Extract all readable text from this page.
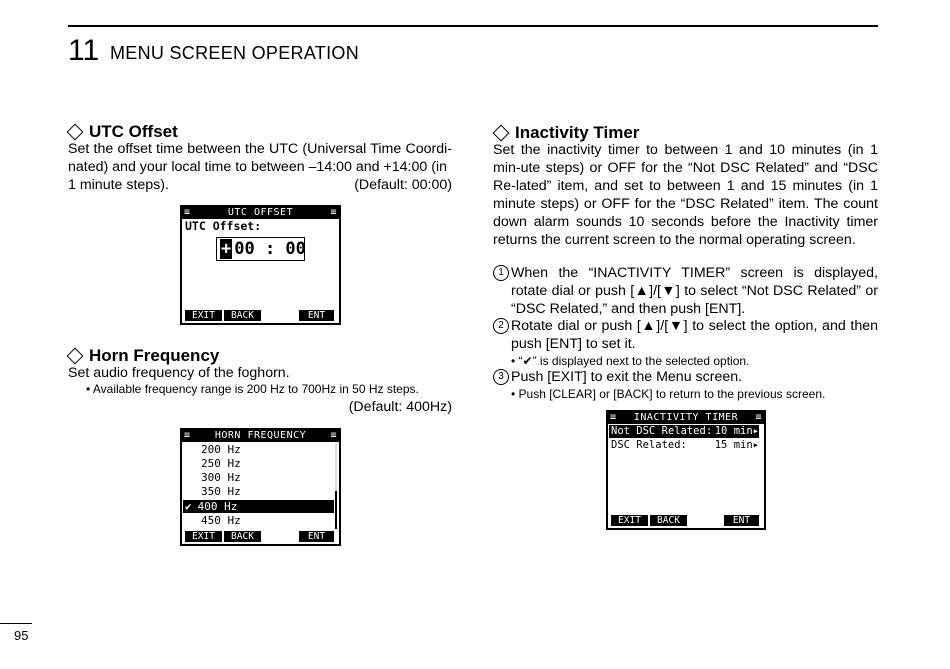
11 MENU SCREEN OPERATION
UTC Offset
Set the offset time between the UTC (Universal Time Coordi-nated) and your local time to between –14:00 and +14:00 (in
1 minute steps).	(Default: 00:00)
≡	UTC OFFSET	≡
UTC Offset:
+ 00 : 00
EXIT	BACK	ENT
Horn Frequency
Set audio frequency of the foghorn.
• Available frequency range is 200 Hz to 700Hz in 50 Hz steps.
(Default: 400Hz)
≡ HORN FREQUENCY ≡
200 Hz
250 Hz
300 Hz
350 Hz
✔ 400 Hz
450 Hz
EXIT	BACK	ENT
Inactivity Timer
Set the inactivity timer to between 1 and 10 minutes (in 1 min-ute steps) or OFF for the “Not DSC Related” and “DSC Re-lated” item, and set to between 1 and 15 minutes (in 1 minute steps) or OFF for the “DSC Related” item. The count down alarm sounds 10 seconds before the Inactivity timer returns the current screen to the normal operating screen.
1 When the “INACTIVITY TIMER” screen is displayed, rotate dial or push [▲]/[▼] to select “Not DSC Related” or “DSC Related,” and then push [ENT].
2 Rotate dial or push [▲]/[▼] to select the option, and then push [ENT] to set it.
• “✔” is displayed next to the selected option.
3 Push [EXIT] to exit the Menu screen.
• Push [CLEAR] or [BACK] to return to the previous screen.
≡ INACTIVITY TIMER ≡
Not DSC Related: 10 min▸
DSC Related:	15 min▸
EXIT	BACK	ENT
95
